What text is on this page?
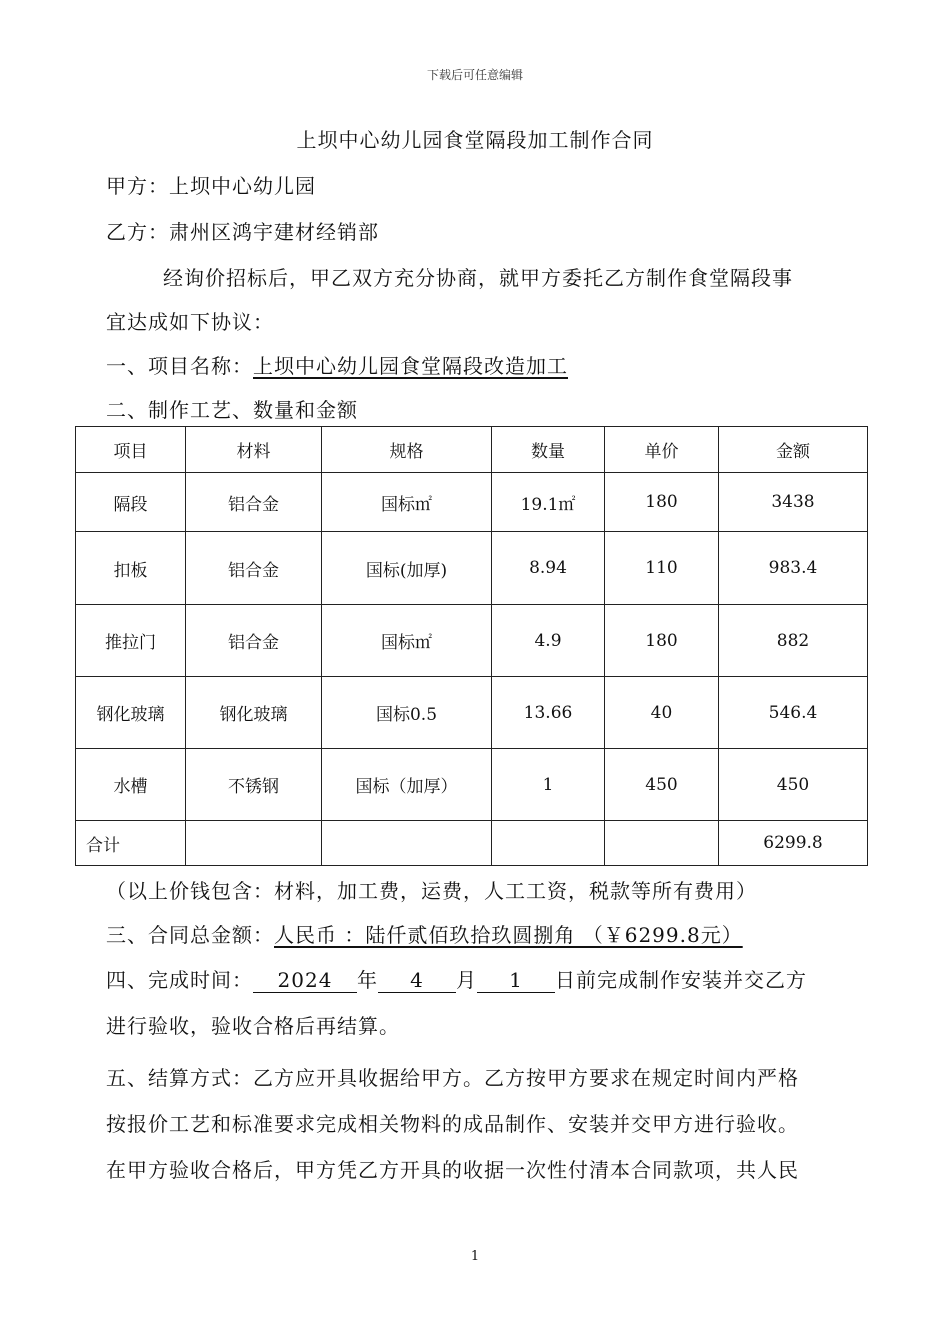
下载后可任意编辑
上坝中心幼儿园食堂隔段加工制作合同
甲方：上坝中心幼儿园
乙方：肃州区鸿宇建材经销部
经询价招标后，甲乙双方充分协商，就甲方委托乙方制作食堂隔段事
宜达成如下协议：
一、项目名称：上坝中心幼儿园食堂隔段改造加工
二、制作工艺、数量和金额
项目	材料	规格	数量	单价	金额
隔段	铝合金	国标㎡	19.1㎡	180	3438
扣板	铝合金	国标(加厚)	8.94	110	983.4
推拉门	铝合金	国标㎡	4.9	180	882
钢化玻璃	钢化玻璃	国标0.5	13.66	40	546.4
水槽	不锈钢	国标（加厚）	1	450	450
合计					6299.8
（以上价钱包含：材料，加工费，运费，人工工资，税款等所有费用）
三、合同总金额：人民币 ：陆仟贰佰玖拾玖圆捌角 （￥6299.8元）
四、完成时间： 2024 年 4 月 1 日前完成制作安装并交乙方
进行验收，验收合格后再结算。
五、结算方式：乙方应开具收据给甲方。乙方按甲方要求在规定时间内严格
按报价工艺和标准要求完成相关物料的成品制作、安装并交甲方进行验收。
在甲方验收合格后，甲方凭乙方开具的收据一次性付清本合同款项，共人民
1
